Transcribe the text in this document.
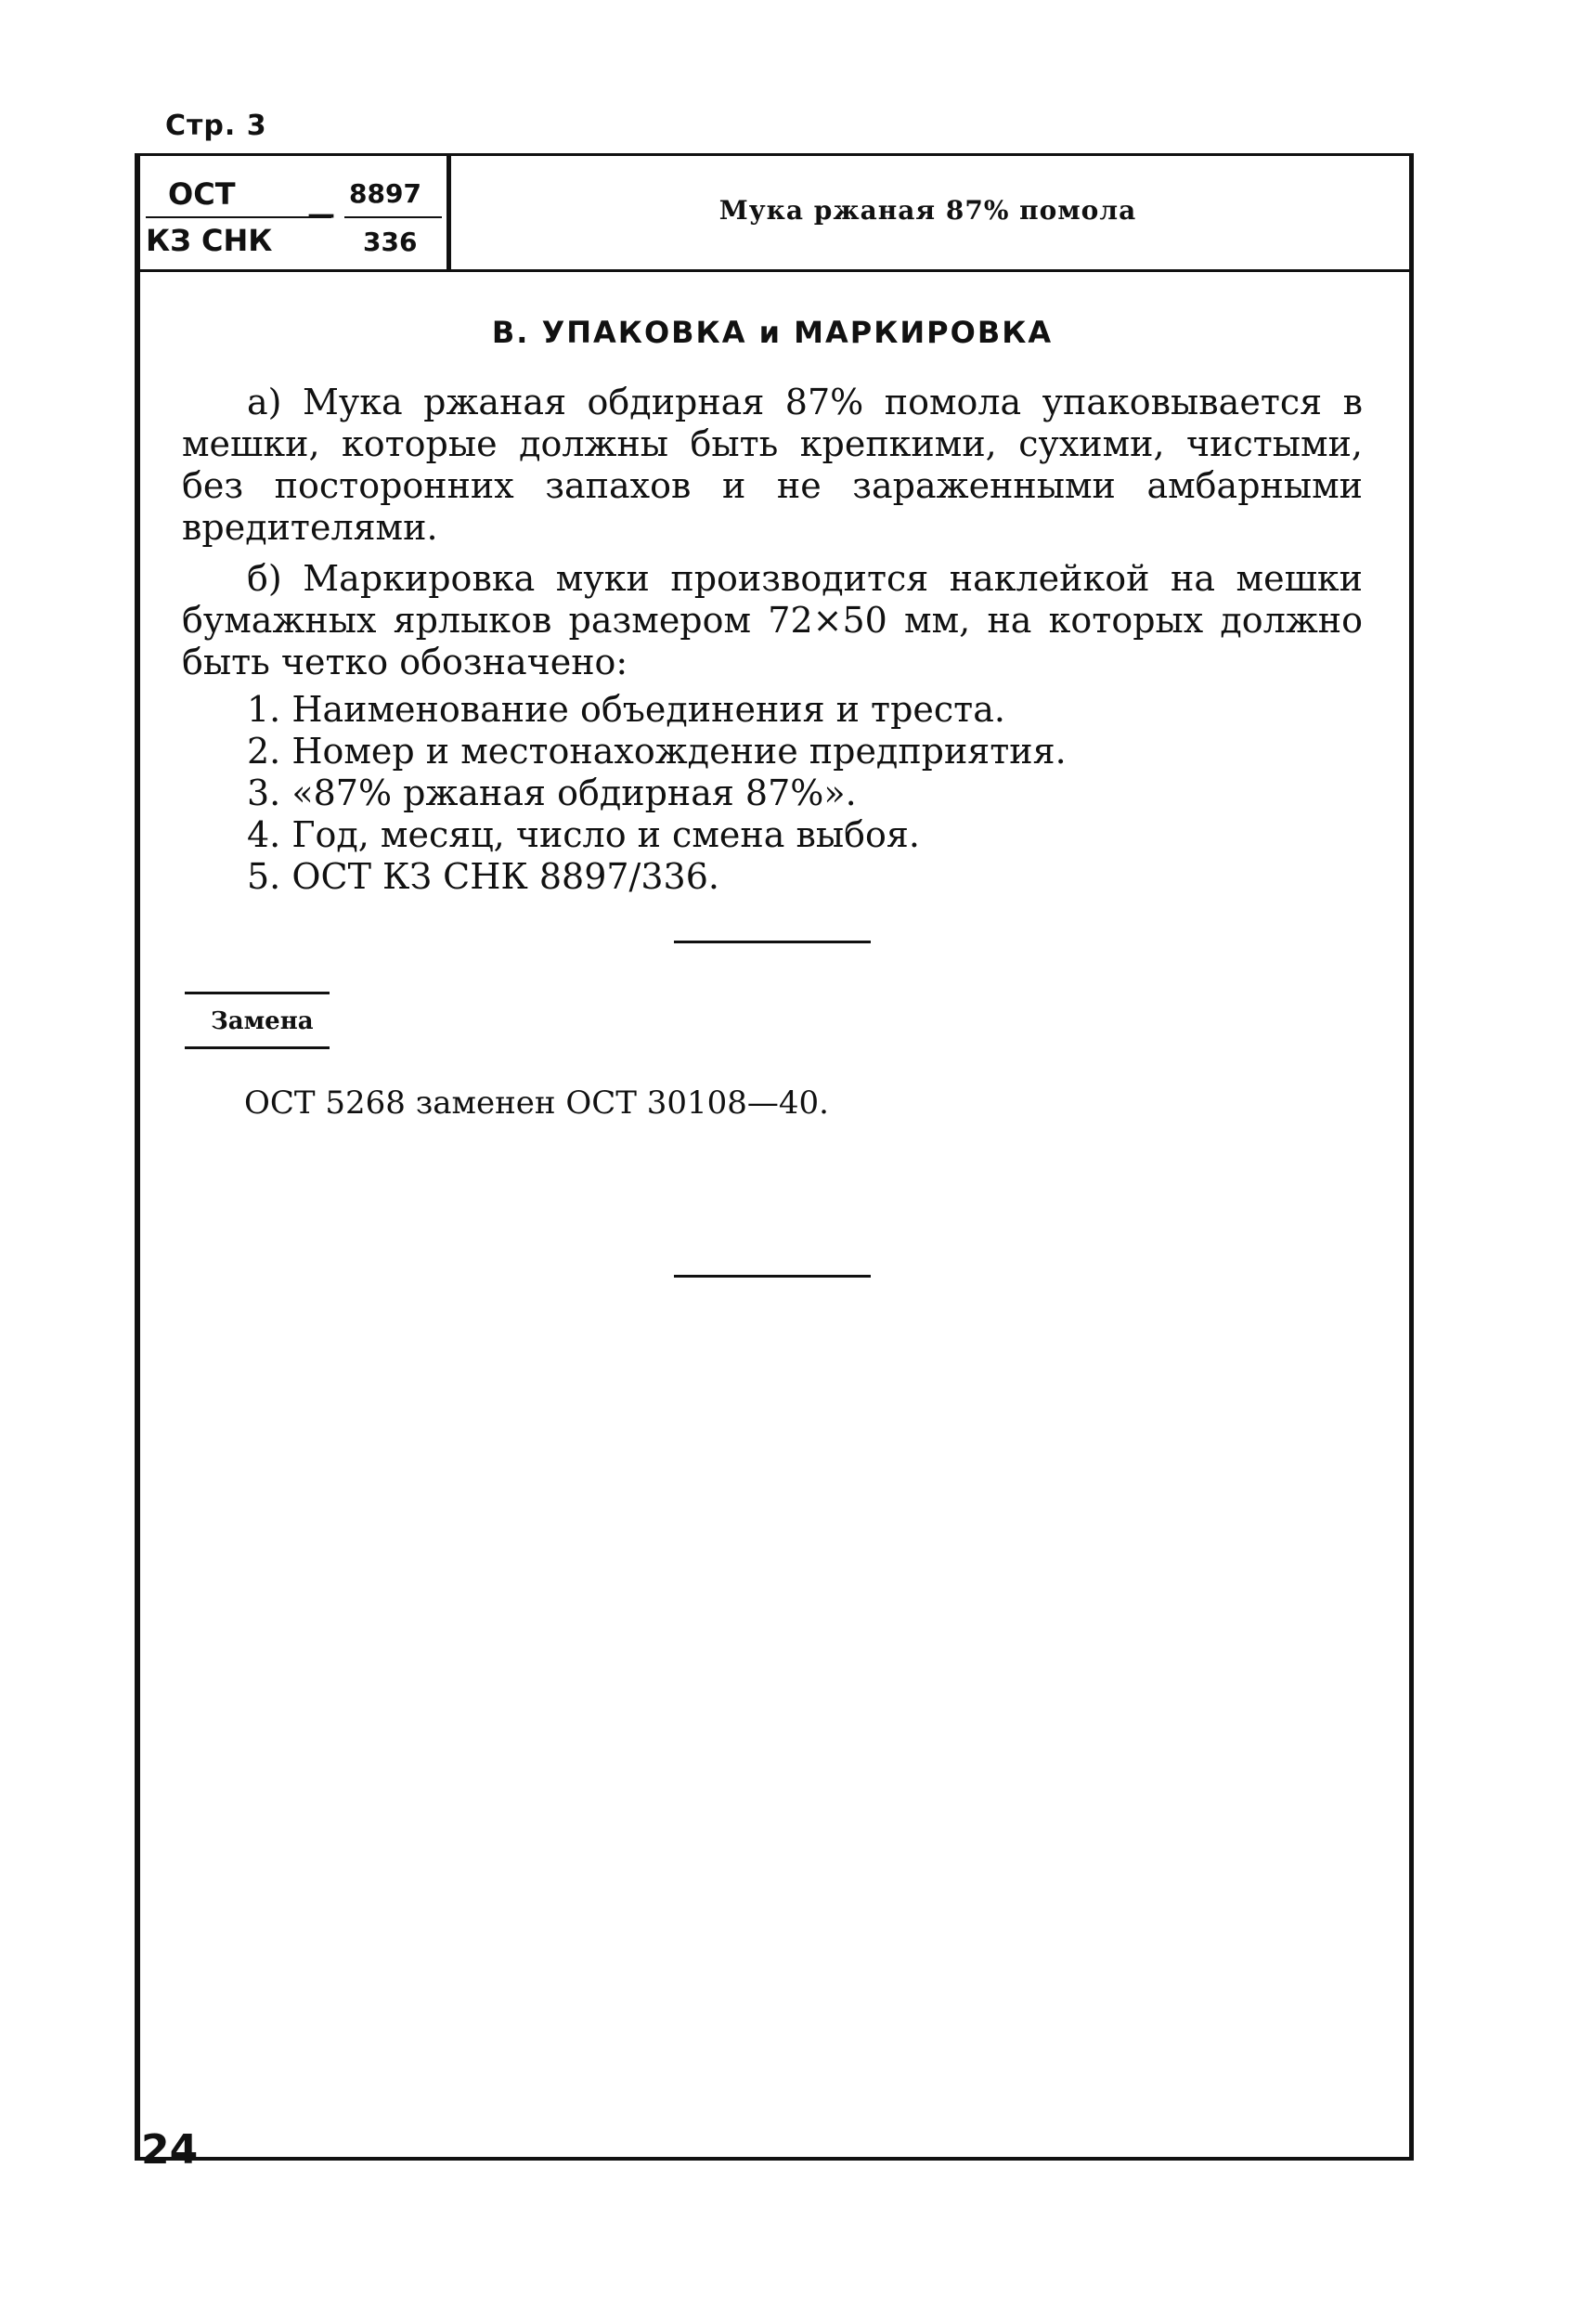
Стр. 3
ОСТ
КЗ СНК
—
8897
336
Мука ржаная 87% помола
В. УПАКОВКА и МАРКИРОВКА

а) Мука ржаная обдирная 87% помола упаковывается в мешки, которые должны быть крепкими, сухими, чистыми, без посторонних запахов и не зараженными амбарными вредителями.

б) Маркировка муки производится наклейкой на мешки бумажных ярлыков размером 72×50 мм, на которых должно быть четко обозначено:

1. Наименование объединения и треста.
2. Номер и местонахождение предприятия.
3. «87% ржаная обдирная 87%».
4. Год, месяц, число и смена выбоя.
5. ОСТ КЗ СНК 8897/336.
Замена
ОСТ 5268 заменен ОСТ 30108—40.
24
